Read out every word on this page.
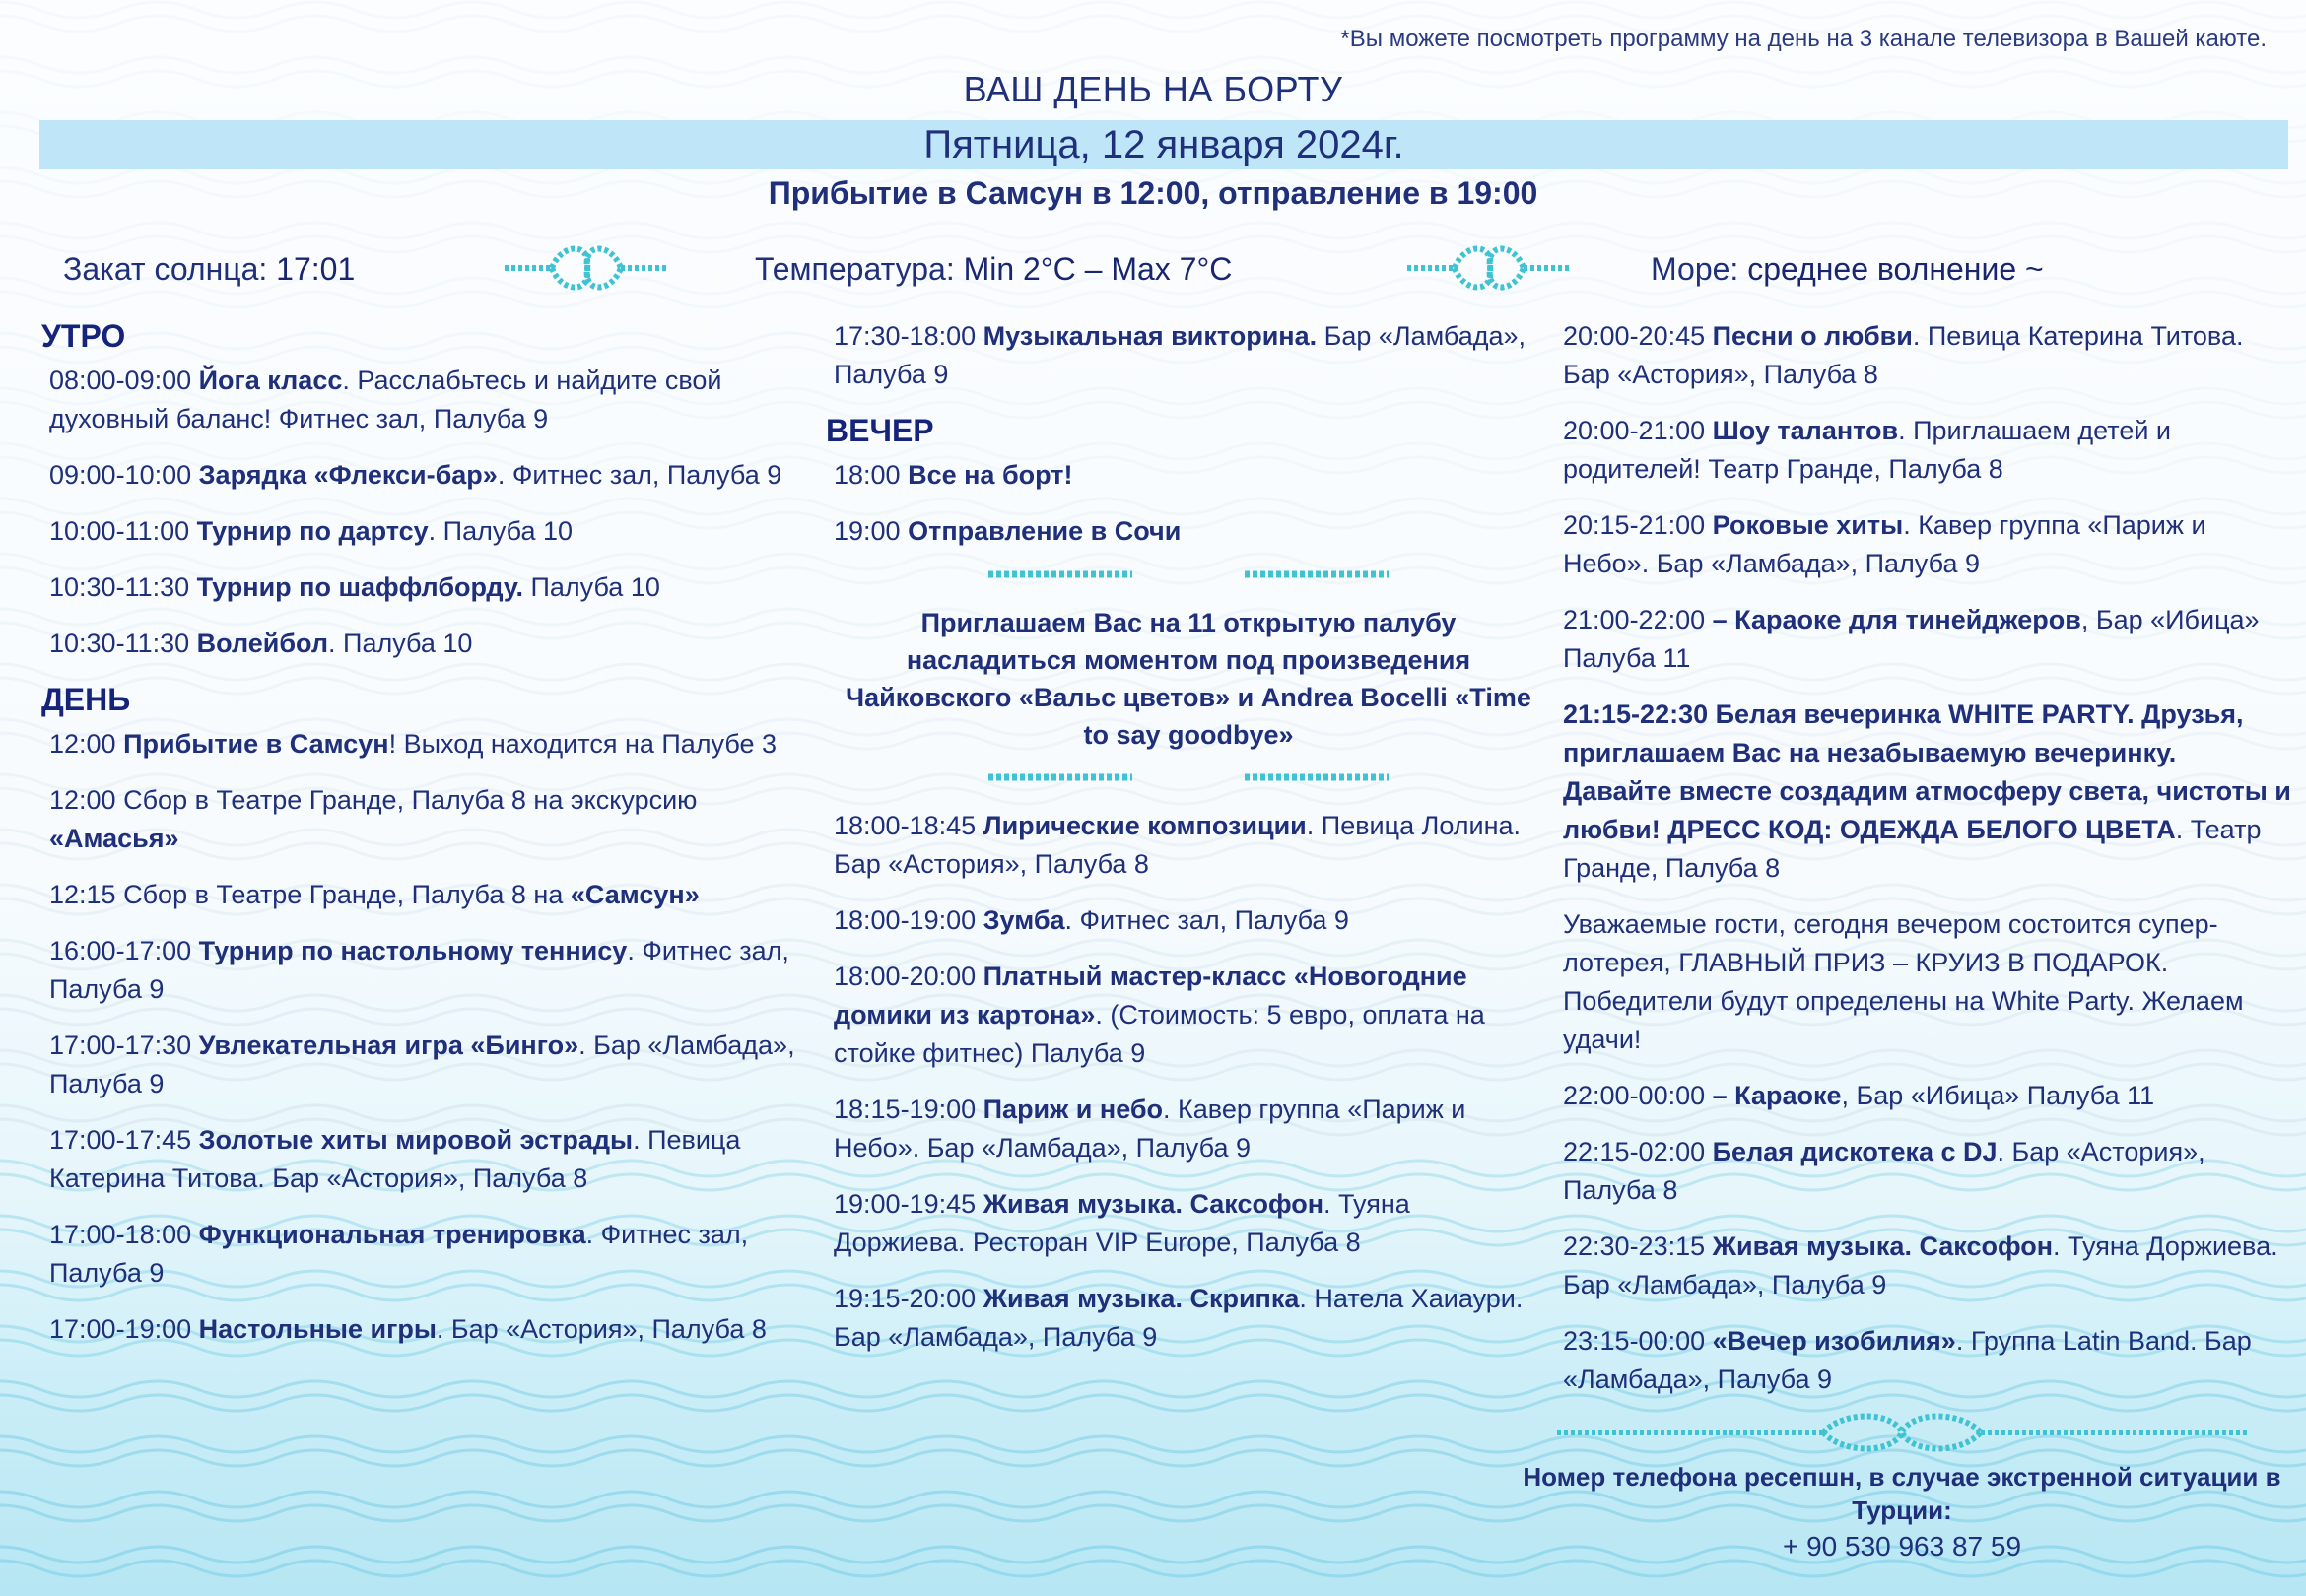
*Вы можете посмотреть программу на день на 3 канале телевизора в Вашей каюте.
ВАШ ДЕНЬ НА БОРТУ
Пятница, 12 января 2024г.
Прибытие в Самсун в 12:00, отправление в 19:00
Закат солнца: 17:01	Температура: Min 2°C – Max 7°C	Море: среднее волнение ~
УТРО

08:00-09:00 Йога класс. Расслабьтесь и найдите свой духовный баланс! Фитнес зал, Палуба 9

09:00-10:00 Зарядка «Флекси-бар». Фитнес зал, Палуба 9

10:00-11:00 Турнир по дартсу. Палуба 10

10:30-11:30 Турнир по шаффлборду. Палуба 10

10:30-11:30 Волейбол. Палуба 10

ДЕНЬ

12:00 Прибытие в Самсун! Выход находится на Палубе 3

12:00 Сбор в Театре Гранде, Палуба 8 на экскурсию «Амасья»

12:15 Сбор в Театре Гранде, Палуба 8 на «Самсун»

16:00-17:00 Турнир по настольному теннису. Фитнес зал, Палуба 9

17:00-17:30 Увлекательная игра «Бинго». Бар «Ламбада», Палуба 9

17:00-17:45 Золотые хиты мировой эстрады. Певица Катерина Титова. Бар «Астория», Палуба 8

17:00-18:00 Функциональная тренировка. Фитнес зал, Палуба 9

17:00-19:00 Настольные игры. Бар «Астория», Палуба 8

17:30-18:00 Музыкальная викторина. Бар «Ламбада», Палуба 9

ВЕЧЕР

18:00 Все на борт!

19:00 Отправление в Сочи

Приглашаем Вас на 11 открытую палубу насладиться моментом под произведения Чайковского «Вальс цветов» и Andrea Bocelli «Time to say goodbye»

18:00-18:45 Лирические композиции. Певица Лолина. Бар «Астория», Палуба 8

18:00-19:00 Зумба. Фитнес зал, Палуба 9

18:00-20:00 Платный мастер-класс «Новогодние домики из картона». (Стоимость: 5 евро, оплата на стойке фитнес) Палуба 9

18:15-19:00 Париж и небо. Кавер группа «Париж и Небо». Бар «Ламбада», Палуба 9

19:00-19:45 Живая музыка. Саксофон. Туяна Доржиева. Ресторан VIP Europe, Палуба 8

19:15-20:00 Живая музыка. Скрипка. Натела Хаиаури. Бар «Ламбада», Палуба 9

20:00-20:45 Песни о любви. Певица Катерина Титова. Бар «Астория», Палуба 8

20:00-21:00 Шоу талантов. Приглашаем детей и родителей! Театр Гранде, Палуба 8

20:15-21:00 Роковые хиты. Кавер группа «Париж и Небо». Бар «Ламбада», Палуба 9

21:00-22:00 – Караоке для тинейджеров, Бар «Ибица» Палуба 11

21:15-22:30 Белая вечеринка WHITE PARTY. Друзья, приглашаем Вас на незабываемую вечеринку. Давайте вместе создадим атмосферу света, чистоты и любви! ДРЕСС КОД: ОДЕЖДА БЕЛОГО ЦВЕТА. Театр Гранде, Палуба 8

Уважаемые гости, сегодня вечером состоится супер-лотерея, ГЛАВНЫЙ ПРИЗ – КРУИЗ В ПОДАРОК. Победители будут определены на White Party. Желаем удачи!

22:00-00:00 – Караоке, Бар «Ибица» Палуба 11

22:15-02:00 Белая дискотека с DJ. Бар «Астория», Палуба 8

22:30-23:15 Живая музыка. Саксофон. Туяна Доржиева. Бар «Ламбада», Палуба 9

23:15-00:00 «Вечер изобилия». Группа Latin Band. Бар «Ламбада», Палуба 9

Номер телефона ресепшн, в случае экстренной ситуации в Турции:
+ 90 530 963 87 59
